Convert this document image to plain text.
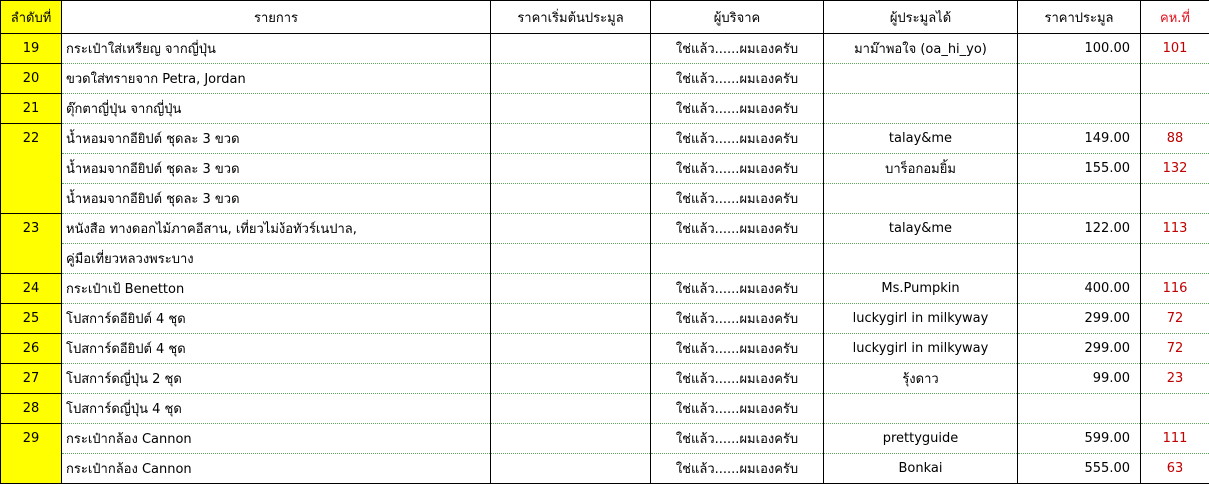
ลำดับที่	รายการ	ราคาเริ่มต้นประมูล	ผู้บริจาค	ผู้ประมูลได้	ราคาประมูล	คห.ที่
19	กระเป๋าใส่เหรียญ จากญี่ปุ่น		ใช่แล้ว......ผมเองครับ	มาม๊าพอใจ (oa_hi_yo)	100.00	101
20	ขวดใส่ทรายจาก Petra, Jordan		ใช่แล้ว......ผมเองครับ			
21	ตุ๊กตาญี่ปุ่น จากญี่ปุ่น		ใช่แล้ว......ผมเองครับ			
22	น้ำหอมจากอียิปต์ ชุดละ 3 ขวด		ใช่แล้ว......ผมเองครับ	talay&me	149.00	88
	น้ำหอมจากอียิปต์ ชุดละ 3 ขวด		ใช่แล้ว......ผมเองครับ	บาร็อกอมยิ้ม	155.00	132
	น้ำหอมจากอียิปต์ ชุดละ 3 ขวด		ใช่แล้ว......ผมเองครับ			
23	หนังสือ ทางดอกไม้ภาคอีสาน, เที่ยวไม่ง้อทัวร์เนปาล,		ใช่แล้ว......ผมเองครับ	talay&me	122.00	113
	คู่มือเที่ยวหลวงพระบาง					
24	กระเป๋าเป้ Benetton		ใช่แล้ว......ผมเองครับ	Ms.Pumpkin	400.00	116
25	โปสการ์ดอียิปต์ 4 ชุด		ใช่แล้ว......ผมเองครับ	luckygirl in milkyway	299.00	72
26	โปสการ์ดอียิปต์ 4 ชุด		ใช่แล้ว......ผมเองครับ	luckygirl in milkyway	299.00	72
27	โปสการ์ดญี่ปุ่น 2 ชุด		ใช่แล้ว......ผมเองครับ	รุ้งดาว	99.00	23
28	โปสการ์ดญี่ปุ่น 4 ชุด		ใช่แล้ว......ผมเองครับ			
29	กระเป๋ากล้อง Cannon		ใช่แล้ว......ผมเองครับ	prettyguide	599.00	111
	กระเป๋ากล้อง Cannon		ใช่แล้ว......ผมเองครับ	Bonkai	555.00	63
